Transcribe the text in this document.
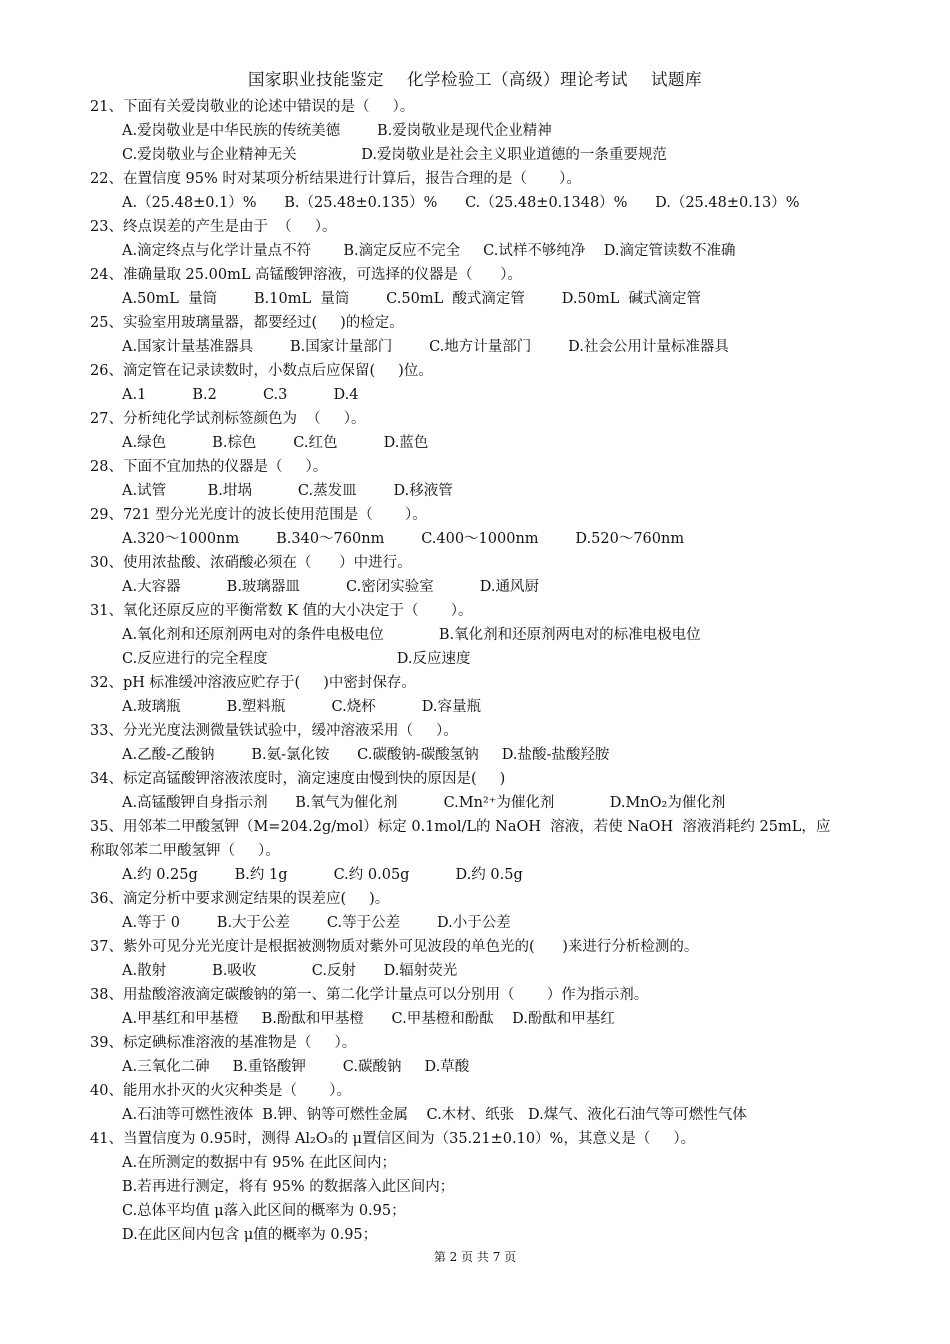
国家职业技能鉴定    化学检验工（高级）理论考试    试题库
21、下面有关爱岗敬业的论述中错误的是（     ）。
A.爱岗敬业是中华民族的传统美德        B.爱岗敬业是现代企业精神
C.爱岗敬业与企业精神无关              D.爱岗敬业是社会主义职业道德的一条重要规范
22、在置信度 95% 时对某项分析结果进行计算后，报告合理的是（       ）。
A.（25.48±0.1）%      B.（25.48±0.135）%      C.（25.48±0.1348）%      D.（25.48±0.13）%
23、终点误差的产生是由于  （     ）。
A.滴定终点与化学计量点不符       B.滴定反应不完全     C.试样不够纯净    D.滴定管读数不准确
24、准确量取 25.00mL 高锰酸钾溶液，可选择的仪器是（      ）。
A.50mL  量筒        B.10mL  量筒        C.50mL  酸式滴定管        D.50mL  碱式滴定管
25、实验室用玻璃量器，都要经过(     )的检定。
A.国家计量基准器具        B.国家计量部门        C.地方计量部门        D.社会公用计量标准器具
26、滴定管在记录读数时，小数点后应保留(     )位。
A.1          B.2          C.3          D.4
27、分析纯化学试剂标签颜色为  （     ）。
A.绿色          B.棕色        C.红色          D.蓝色
28、下面不宜加热的仪器是（     ）。
A.试管         B.坩埚          C.蒸发皿        D.移液管
29、721 型分光光度计的波长使用范围是（       ）。
A.320～1000nm        B.340～760nm        C.400～1000nm        D.520～760nm
30、使用浓盐酸、浓硝酸必须在（      ）中进行。
A.大容器          B.玻璃器皿          C.密闭实验室          D.通风厨
31、氧化还原反应的平衡常数 K 值的大小决定于（       ）。
A.氧化剂和还原剂两电对的条件电极电位            B.氧化剂和还原剂两电对的标准电极电位
C.反应进行的完全程度                            D.反应速度
32、pH 标准缓冲溶液应贮存于(     )中密封保存。
A.玻璃瓶          B.塑料瓶          C.烧杯          D.容量瓶
33、分光光度法测微量铁试验中，缓冲溶液采用（     ）。
A.乙酸-乙酸钠        B.氨-氯化铵      C.碳酸钠-碳酸氢钠     D.盐酸-盐酸羟胺
34、标定高锰酸钾溶液浓度时，滴定速度由慢到快的原因是(     )
A.高锰酸钾自身指示剂      B.氧气为催化剂          C.Mn²⁺为催化剂            D.MnO₂为催化剂
35、用邻苯二甲酸氢钾（M=204.2g/mol）标定 0.1mol/L的 NaOH  溶液，若使 NaOH  溶液消耗约 25mL，应
称取邻苯二甲酸氢钾（     ）。
A.约 0.25g        B.约 1g          C.约 0.05g          D.约 0.5g
36、滴定分析中要求测定结果的误差应(     )。
A.等于 0        B.大于公差        C.等于公差        D.小于公差
37、紫外可见分光光度计是根据被测物质对紫外可见波段的单色光的(      )来进行分析检测的。
A.散射          B.吸收            C.反射      D.辐射荧光
38、用盐酸溶液滴定碳酸钠的第一、第二化学计量点可以分别用（       ）作为指示剂。
A.甲基红和甲基橙     B.酚酞和甲基橙      C.甲基橙和酚酞    D.酚酞和甲基红
39、标定碘标准溶液的基准物是（     ）。
A.三氧化二砷     B.重铬酸钾        C.碳酸钠     D.草酸
40、能用水扑灭的火灾种类是（       ）。
A.石油等可燃性液体  B.钾、钠等可燃性金属    C.木材、纸张   D.煤气、液化石油气等可燃性气体
41、当置信度为 0.95时，测得 Al₂O₃的 μ置信区间为（35.21±0.10）%，其意义是（     ）。
A.在所测定的数据中有 95% 在此区间内；
B.若再进行测定，将有 95% 的数据落入此区间内；
C.总体平均值 μ落入此区间的概率为 0.95；
D.在此区间内包含 μ值的概率为 0.95；
第 2 页 共 7 页
